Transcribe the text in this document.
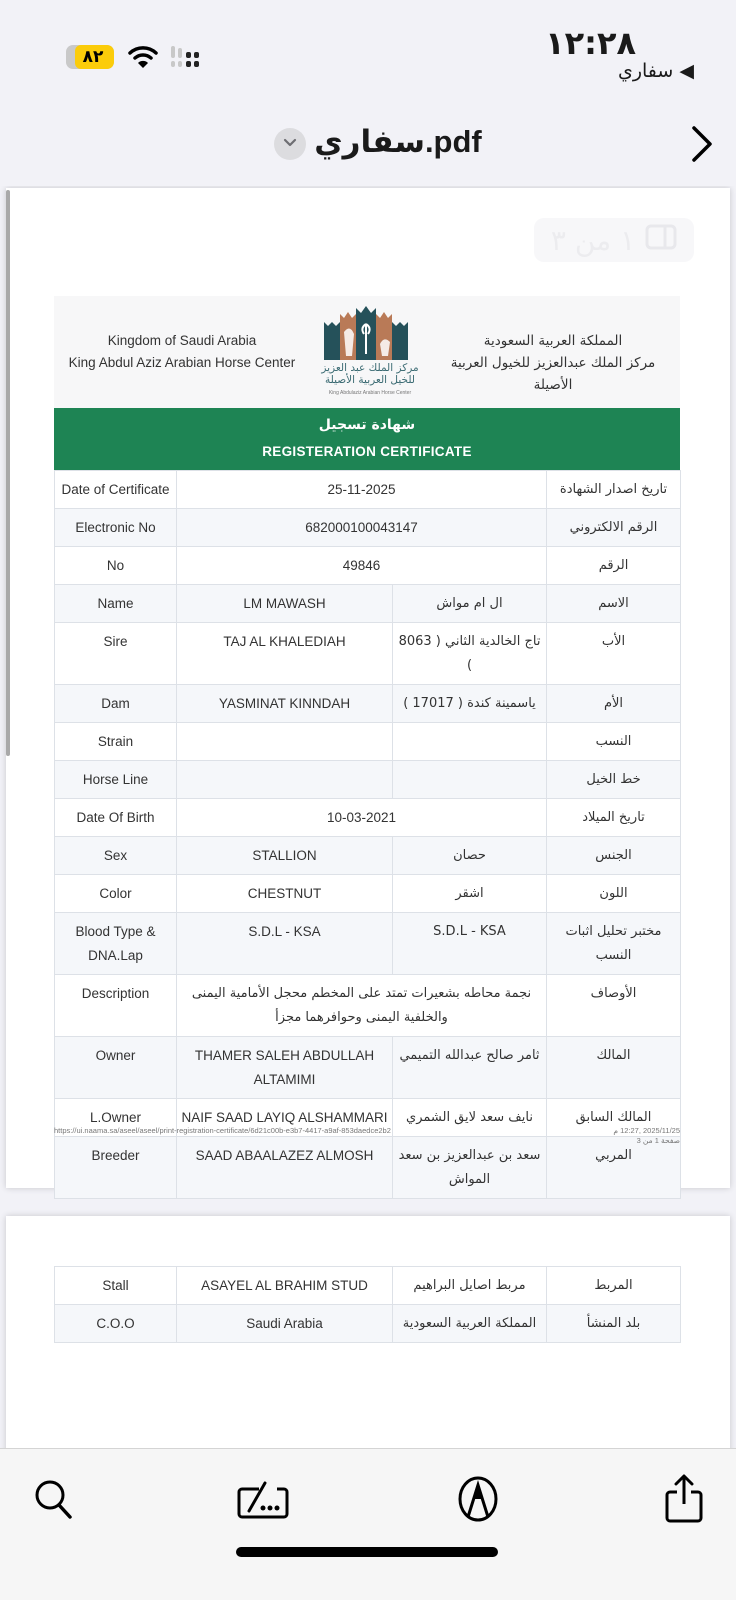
٨٢	١٢:٢٨
◀ سفاري
سفاري.pdf
١ من ٣
Kingdom of Saudi Arabia
King Abdul Aziz Arabian Horse Center	مركز الملك عبد العزيز
للخيل العربية الأصيلة
King Abdulaziz Arabian Horse Center
المملكة العربية السعودية
مركز الملك عبدالعزيز للخيول العربية الأصيلة
شهادة تسجيل
REGISTERATION CERTIFICATE
Date of Certificate	25-11-2025		تاريخ اصدار الشهادة
Electronic No	682000100043147		الرقم الالكتروني
No	49846		الرقم
Name	LM MAWASH	ال ام مواش	الاسم
Sire	TAJ AL KHALEDIAH	تاج الخالدية الثاني ( 8063 )	الأب
Dam	YASMINAT KINNDAH	ياسمينة كندة ( 17017 )	الأم
Strain			النسب
Horse Line			خط الخيل
Date Of Birth	10-03-2021		تاريخ الميلاد
Sex	STALLION	حصان	الجنس
Color	CHESTNUT	اشقر	اللون
Blood Type & DNA.Lap	S.D.L - KSA	S.D.L - KSA	مختبر تحليل اثبات النسب
Description	نجمة محاطه بشعيرات تمتد على المخطم محجل الأمامية اليمنى والخلفية اليمنى وحوافرهما مجزأ		الأوصاف
Owner	THAMER SALEH ABDULLAH ALTAMIMI	ثامر صالح عبدالله التميمي	المالك
L.Owner	NAIF SAAD LAYIQ ALSHAMMARI	نايف سعد لايق الشمري	المالك السابق
Breeder	SAAD ABAALAZEZ ALMOSH	سعد بن عبدالعزيز بن سعد المواش	المربي
https://ui.naama.sa/aseel/aseel/print-registration-certificate/6d21c00b-e3b7-4417-a9af-853daedce2b2	2025/11/25 ,12:27 م
صفحة 1 من 3
Stall	ASAYEL AL BRAHIM STUD	مربط اصايل البراهيم	المربط
C.O.O	Saudi Arabia	المملكة العربية السعودية	بلد المنشأ
